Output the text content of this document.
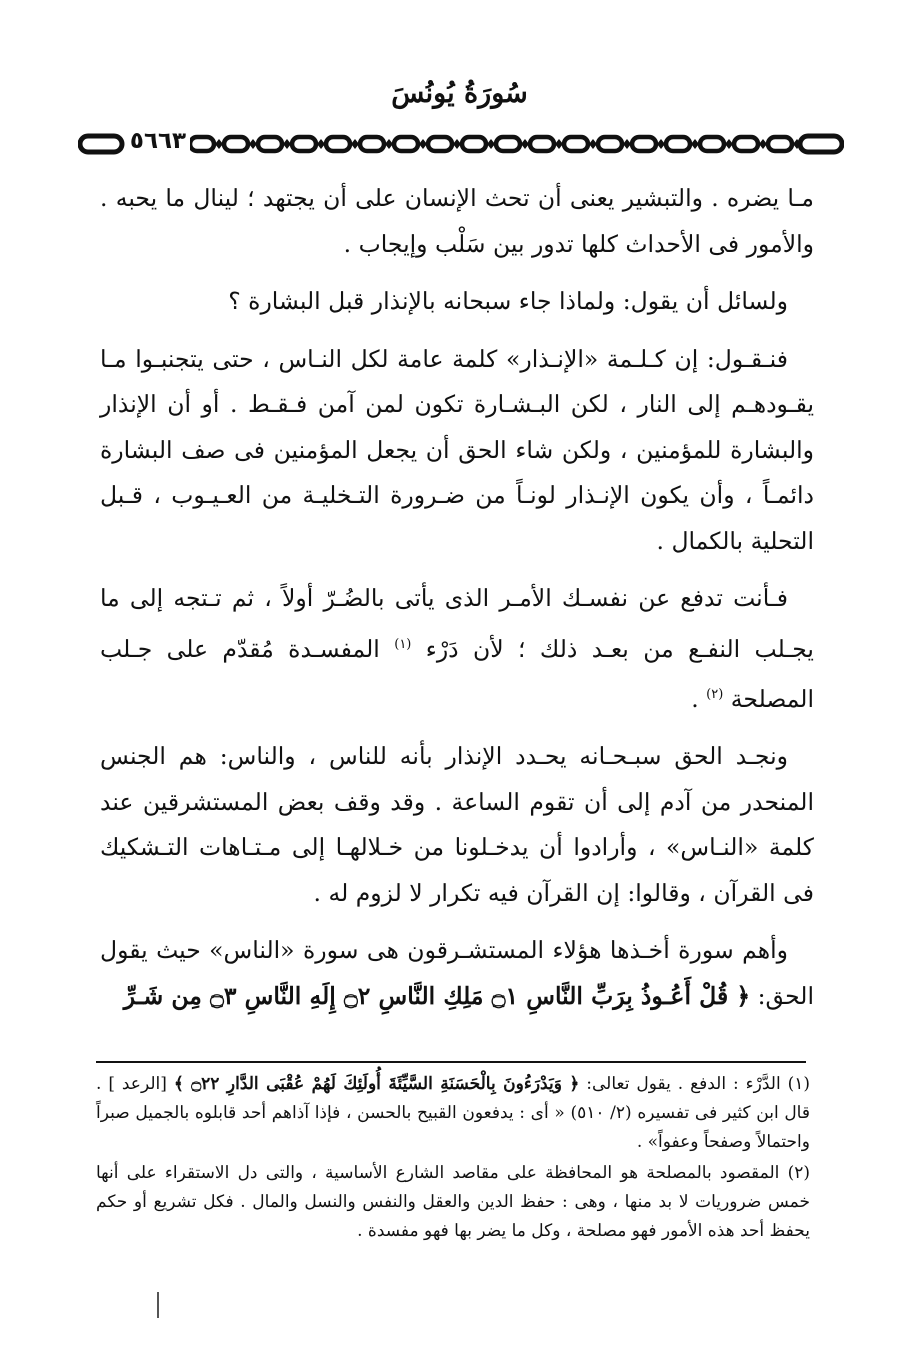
سُورَةُ يُونُسَ
٥٦٦٣

مـا يضره . والتبشير يعنى أن تحث الإنسان على أن يجتهد ؛ لينال ما يحبه . والأمور فى الأحداث كلها تدور بين سَلْب وإيجاب .

ولسائل أن يقول: ولماذا جاء سبحانه بالإنذار قبل البشارة ؟

فنـقـول: إن كـلـمة «الإنـذار» كلمة عامة لكل النـاس ، حتى يتجنبـوا مـا يقـودهـم إلى النار ، لكن البـشـارة تكون لمن آمن فـقـط . أو أن الإنذار والبشارة للمؤمنين ، ولكن شاء الحق أن يجعل المؤمنين فى صف البشارة دائمـاً ، وأن يكون الإنـذار لونـاً من ضـرورة التـخليـة من العـيـوب ، قـبل التحلية بالكمال .

فـأنت تدفع عن نفسـك الأمـر الذى يأتى بالضُـرّ أولاً ، ثم تـتجه إلى ما يجـلب النفـع من بعـد ذلك ؛ لأن دَرْء $^{(١)}$ المفسـدة مُقدّم على جـلب المصلحة $^{(٢)}$ .

ونجـد الحق سبـحـانه يحـدد الإنذار بأنه للناس ، والناس: هم الجنس المنحدر من آدم إلى أن تقوم الساعة . وقد وقف بعض المستشرقين عند كلمة «النـاس» ، وأرادوا أن يدخـلونا من خـلالهـا إلى مـتـاهات التـشكيك فى القرآن ، وقالوا: إن القرآن فيه تكرار لا لزوم له .

وأهم سورة أخـذها هؤلاء المستشـرقون هى سورة «الناس» حيث يقول الحق: ﴿ قُلْ أَعُـوذُ بِرَبِّ النَّاسِ ۝١ مَلِكِ النَّاسِ ۝٢ إِلَهِ النَّاسِ ۝٣ مِن شَـرِّ

(١) الدَّرْء : الدفع . يقول تعالى: ﴿ وَيَدْرَءُونَ بِالْحَسَنَةِ السَّيِّئَةَ أُولَئِكَ لَهُمْ عُقْبَى الدَّارِ ۝٢٢ ﴾ [الرعد ] . قال ابن كثير فى تفسيره (٢/ ٥١٠) « أى : يدفعون القبيح بالحسن ، فإذا آذاهم أحد قابلوه بالجميل صبراً واحتمالاً وصفحاً وعفواً» .

(٢) المقصود بالمصلحة هو المحافظة على مقاصد الشارع الأساسية ، والتى دل الاستقراء على أنها خمس ضروريات لا بد منها ، وهى : حفظ الدين والعقل والنفس والنسل والمال . فكل تشريع أو حكم يحفظ أحد هذه الأمور فهو مصلحة ، وكل ما يضر بها فهو مفسدة .
